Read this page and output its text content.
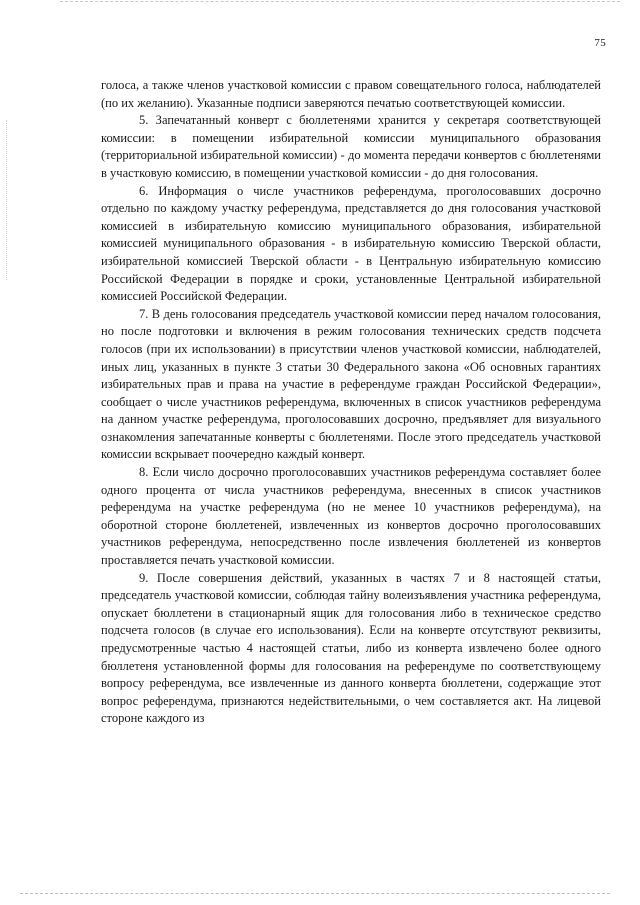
75

голоса, а также членов участковой комиссии с правом совещательного голоса, наблюдателей (по их желанию). Указанные подписи заверяются печатью соответствующей комиссии.

5. Запечатанный конверт с бюллетенями хранится у секретаря соответствующей комиссии: в помещении избирательной комиссии муниципального образования (территориальной избирательной комиссии) - до момента передачи конвертов с бюллетенями в участковую комиссию, в помещении участковой комиссии - до дня голосования.

6. Информация о числе участников референдума, проголосовавших досрочно отдельно по каждому участку референдума, представляется до дня голосования участковой комиссией в избирательную комиссию муниципального образования, избирательной комиссией муниципального образования - в избирательную комиссию Тверской области, избирательной комиссией Тверской области - в Центральную избирательную комиссию Российской Федерации в порядке и сроки, установленные Центральной избирательной комиссией Российской Федерации.

7. В день голосования председатель участковой комиссии перед началом голосования, но после подготовки и включения в режим голосования технических средств подсчета голосов (при их использовании) в присутствии членов участковой комиссии, наблюдателей, иных лиц, указанных в пункте 3 статьи 30 Федерального закона «Об основных гарантиях избирательных прав и права на участие в референдуме граждан Российской Федерации», сообщает о числе участников референдума, включенных в список участников референдума на данном участке референдума, проголосовавших досрочно, предъявляет для визуального ознакомления запечатанные конверты с бюллетенями. После этого председатель участковой комиссии вскрывает поочередно каждый конверт.

8. Если число досрочно проголосовавших участников референдума составляет более одного процента от числа участников референдума, внесенных в список участников референдума на участке референдума (но не менее 10 участников референдума), на оборотной стороне бюллетеней, извлеченных из конвертов досрочно проголосовавших участников референдума, непосредственно после извлечения бюллетеней из конвертов проставляется печать участковой комиссии.

9. После совершения действий, указанных в частях 7 и 8 настоящей статьи, председатель участковой комиссии, соблюдая тайну волеизъявления участника референдума, опускает бюллетени в стационарный ящик для голосования либо в техническое средство подсчета голосов (в случае его использования). Если на конверте отсутствуют реквизиты, предусмотренные частью 4 настоящей статьи, либо из конверта извлечено более одного бюллетеня установленной формы для голосования на референдуме по соответствующему вопросу референдума, все извлеченные из данного конверта бюллетени, содержащие этот вопрос референдума, признаются недействительными, о чем составляется акт. На лицевой стороне каждого из
